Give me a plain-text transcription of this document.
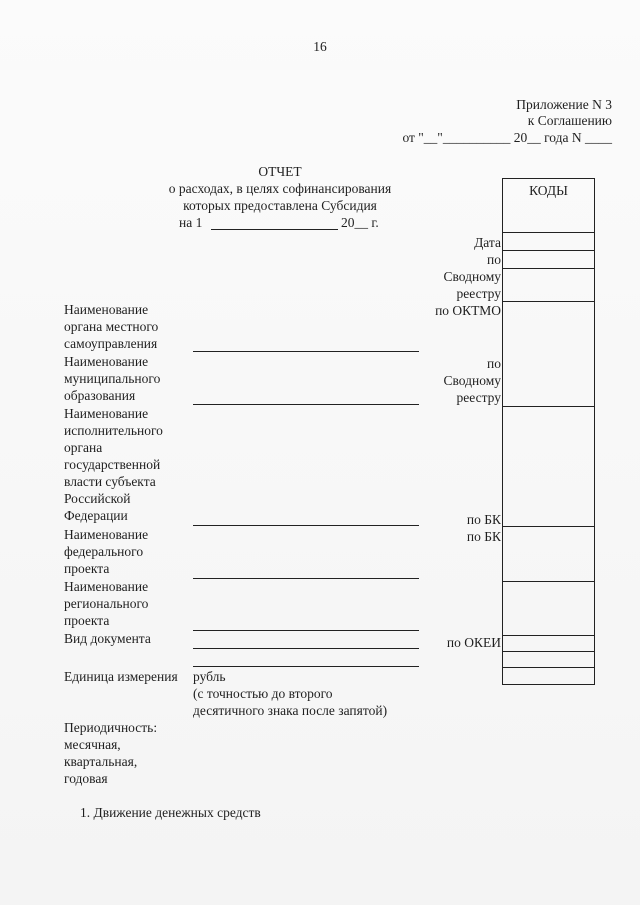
16
Приложение N 3
к Соглашению
от "__"__________ 20__ года N ____
ОТЧЕТ
о расходах, в целях софинансирования
которых предоставлена Субсидия
на 1	20__ г.
КОДЫ
Дата
по
Сводному
реестру
по ОКТМО
по
Сводному
реестру
по БК
по БК
по ОКЕИ
Наименование
органа местного
самоуправления
Наименование
муниципального
образования
Наименование
исполнительного
органа
государственной
власти субъекта
Российской
Федерации
Наименование
федерального
проекта
Наименование
регионального
проекта
Вид документа
Единица измерения рубль
(с точностью до второго
десятичного знака после запятой)
Периодичность:
месячная,
квартальная,
годовая
1. Движение денежных средств
